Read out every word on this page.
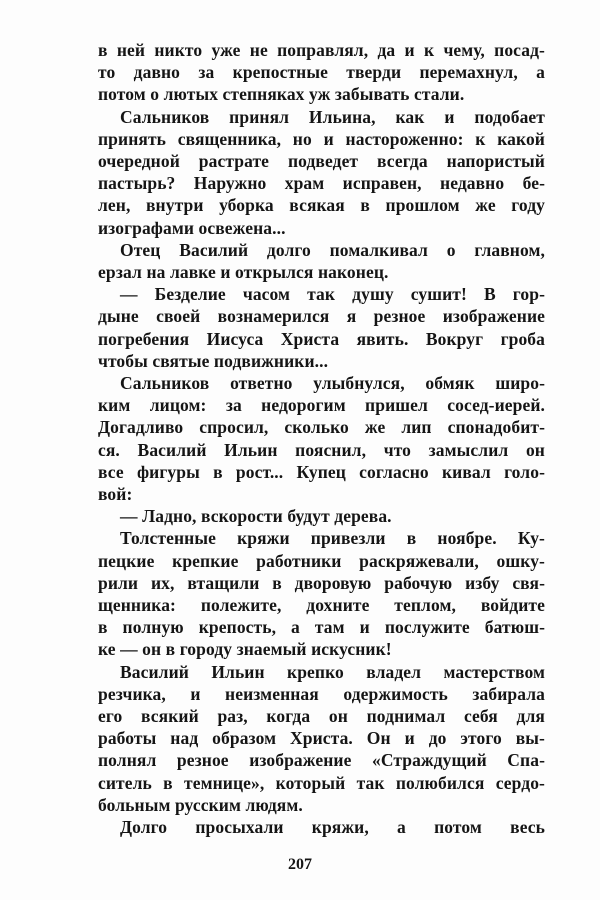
в ней никто уже не поправлял, да и к чему, посад-
то давно за крепостные тверди перемахнул, а
потом о лютых степняках уж забывать стали.
Сальников принял Ильина, как и подобает
принять священника, но и настороженно: к какой
очередной растрате подведет всегда напористый
пастырь? Наружно храм исправен, недавно бе-
лен, внутри уборка всякая в прошлом же году
изографами освежена...
Отец Василий долго помалкивал о главном,
ерзал на лавке и открылся наконец.
— Безделие часом так душу сушит! В гор-
дыне своей вознамерился я резное изображение
погребения Иисуса Христа явить. Вокруг гроба
чтобы святые подвижники...
Сальников ответно улыбнулся, обмяк широ-
ким лицом: за недорогим пришел сосед-иерей.
Догадливо спросил, сколько же лип спонадобит-
ся. Василий Ильин пояснил, что замыслил он
все фигуры в рост... Купец согласно кивал голо-
вой:
— Ладно, вскорости будут дерева.
Толстенные кряжи привезли в ноябре. Ку-
пецкие крепкие работники раскряжевали, ошку-
рили их, втащили в дворовую рабочую избу свя-
щенника: полежите, дохните теплом, войдите
в полную крепость, а там и послужите батюш-
ке — он в городу знаемый искусник!
Василий Ильин крепко владел мастерством
резчика, и неизменная одержимость забирала
его всякий раз, когда он поднимал себя для
работы над образом Христа. Он и до этого вы-
полнял резное изображение «Страждущий Спа-
ситель в темнице», который так полюбился сердо-
больным русским людям.
Долго просыхали кряжи, а потом весь
207
